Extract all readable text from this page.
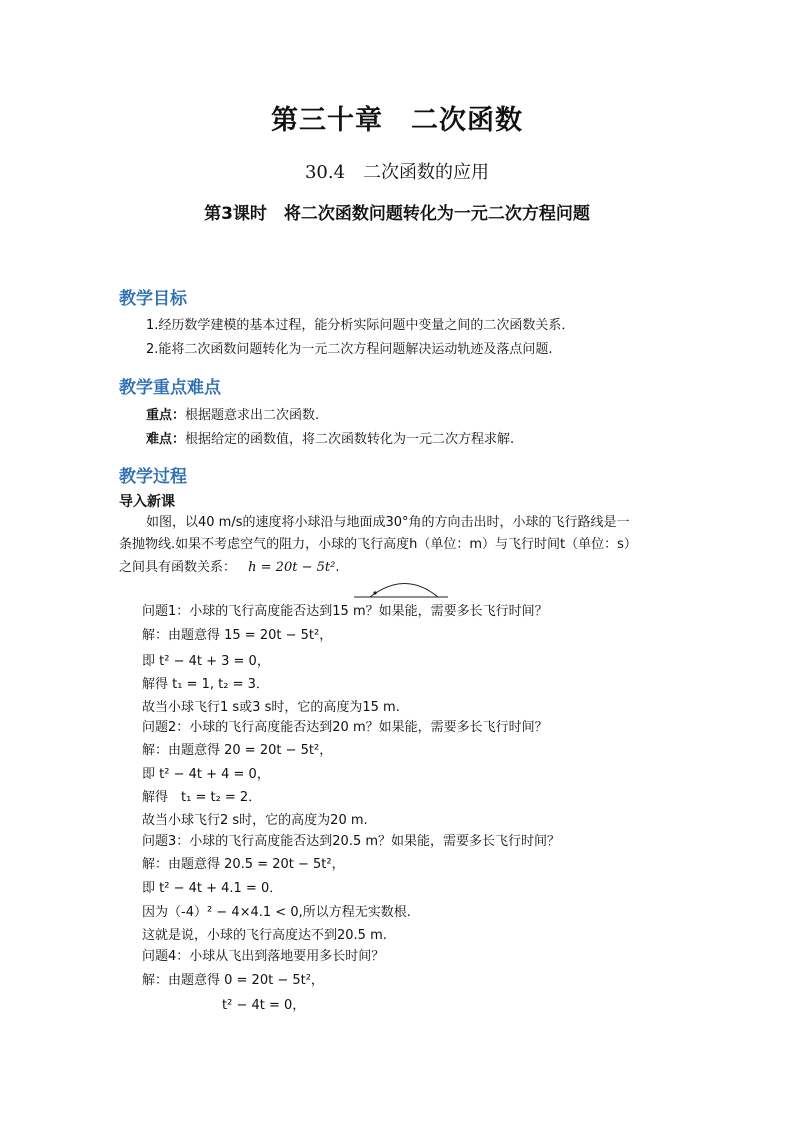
第三十章　二次函数
30.4　二次函数的应用
第3课时　将二次函数问题转化为一元二次方程问题
教学目标
1.经历数学建模的基本过程，能分析实际问题中变量之间的二次函数关系．
2.能将二次函数问题转化为一元二次方程问题解决运动轨迹及落点问题.
教学重点难点
重点：根据题意求出二次函数.
难点：根据给定的函数值，将二次函数转化为一元二次方程求解.
教学过程
导入新课
如图，以40 m/s的速度将小球沿与地面成30°角的方向击出时，小球的飞行路线是一
条抛物线.如果不考虑空气的阻力，小球的飞行高度h（单位：m）与飞行时间t（单位：s）
之间具有函数关系： h = 20t − 5t².
问题1：小球的飞行高度能否达到15 m？如果能，需要多长飞行时间？
解：由题意得 15 = 20t − 5t²，
即 t² − 4t + 3 = 0，
解得 t₁ = 1, t₂ = 3．
故当小球飞行1 s或3 s时，它的高度为15 m.
问题2：小球的飞行高度能否达到20 m？如果能，需要多长飞行时间？
解：由题意得 20 = 20t − 5t²，
即 t² − 4t + 4 = 0，
解得　t₁ = t₂ = 2．
故当小球飞行2 s时，它的高度为20 m.
问题3：小球的飞行高度能否达到20.5 m？如果能，需要多长飞行时间？
解：由题意得 20.5 = 20t − 5t²，
即 t² − 4t + 4.1 = 0．
因为（-4）² − 4×4.1 < 0,所以方程无实数根.
这就是说，小球的飞行高度达不到20.5 m.
问题4：小球从飞出到落地要用多长时间？
解：由题意得 0 = 20t − 5t²，
t² − 4t = 0，
